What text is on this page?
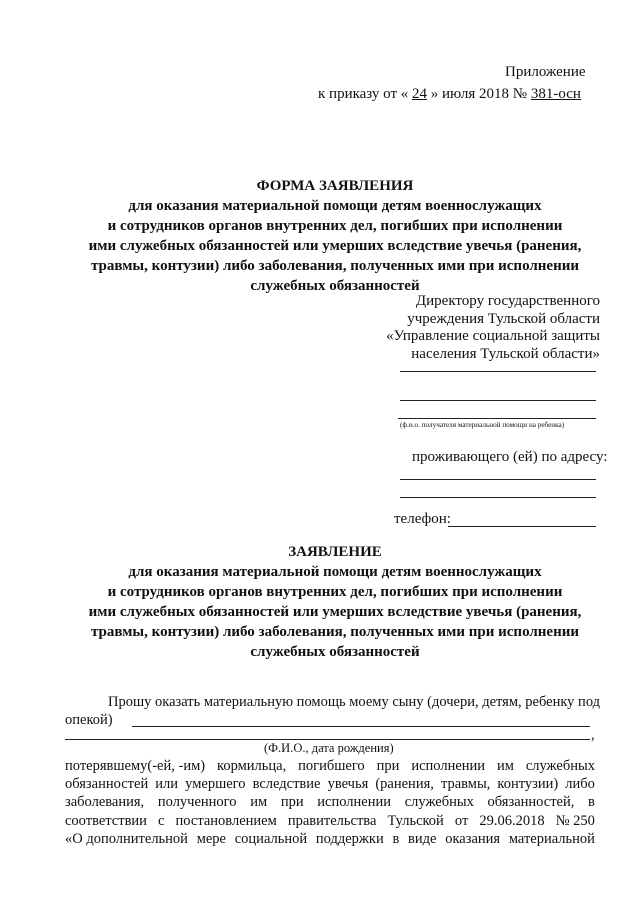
Приложение
к приказу от « 24 » июля 2018 № 381-осн
ФОРМА ЗАЯВЛЕНИЯ
для оказания материальной помощи детям военнослужащих
и сотрудников органов внутренних дел, погибших при исполнении
ими служебных обязанностей или умерших вследствие увечья (ранения,
травмы, контузии) либо заболевания, полученных ими при исполнении
служебных обязанностей
Директору государственного
учреждения Тульской области
«Управление социальной защиты
населения Тульской области»
(ф.и.о. получателя материальной помощи на ребенка)
проживающего (ей) по адресу:
телефон:
ЗАЯВЛЕНИЕ
для оказания материальной помощи детям военнослужащих
и сотрудников органов внутренних дел, погибших при исполнении
ими служебных обязанностей или умерших вследствие увечья (ранения,
травмы, контузии) либо заболевания, полученных ими при исполнении
служебных обязанностей
Прошу оказать материальную помощь моему сыну (дочери, детям, ребенку под
опекой)
,
(Ф.И.О., дата рождения)
потерявшему(-ей, -им) кормильца, погибшего при исполнении им служебных
обязанностей или умершего вследствие увечья (ранения, травмы, контузии) либо
заболевания, полученного им при исполнении служебных обязанностей, в
соответствии с постановлением правительства Тульской от 29.06.2018 № 250
«О дополнительной мере социальной поддержки в виде оказания материальной
